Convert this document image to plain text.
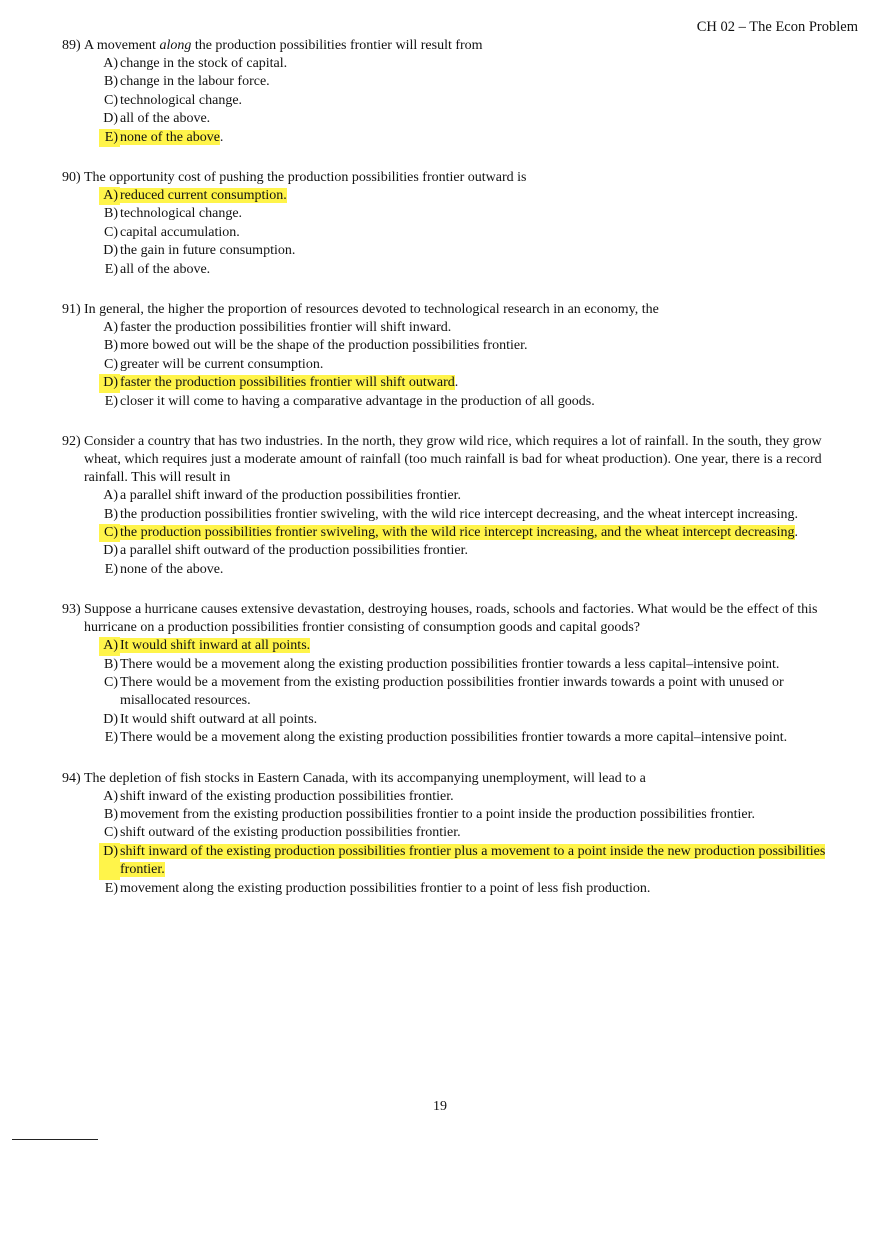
CH 02 – The Econ Problem
89) A movement along the production possibilities frontier will result from
A) change in the stock of capital.
B) change in the labour force.
C) technological change.
D) all of the above.
E) none of the above.
90) The opportunity cost of pushing the production possibilities frontier outward is
A) reduced current consumption.
B) technological change.
C) capital accumulation.
D) the gain in future consumption.
E) all of the above.
91) In general, the higher the proportion of resources devoted to technological research in an economy, the
A) faster the production possibilities frontier will shift inward.
B) more bowed out will be the shape of the production possibilities frontier.
C) greater will be current consumption.
D) faster the production possibilities frontier will shift outward.
E) closer it will come to having a comparative advantage in the production of all goods.
92) Consider a country that has two industries. In the north, they grow wild rice, which requires a lot of rainfall. In the south, they grow wheat, which requires just a moderate amount of rainfall (too much rainfall is bad for wheat production). One year, there is a record rainfall. This will result in
A) a parallel shift inward of the production possibilities frontier.
B) the production possibilities frontier swiveling, with the wild rice intercept decreasing, and the wheat intercept increasing.
C) the production possibilities frontier swiveling, with the wild rice intercept increasing, and the wheat intercept decreasing.
D) a parallel shift outward of the production possibilities frontier.
E) none of the above.
93) Suppose a hurricane causes extensive devastation, destroying houses, roads, schools and factories. What would be the effect of this hurricane on a production possibilities frontier consisting of consumption goods and capital goods?
A) It would shift inward at all points.
B) There would be a movement along the existing production possibilities frontier towards a less capital–intensive point.
C) There would be a movement from the existing production possibilities frontier inwards towards a point with unused or misallocated resources.
D) It would shift outward at all points.
E) There would be a movement along the existing production possibilities frontier towards a more capital–intensive point.
94) The depletion of fish stocks in Eastern Canada, with its accompanying unemployment, will lead to a
A) shift inward of the existing production possibilities frontier.
B) movement from the existing production possibilities frontier to a point inside the production possibilities frontier.
C) shift outward of the existing production possibilities frontier.
D) shift inward of the existing production possibilities frontier plus a movement to a point inside the new production possibilities frontier.
E) movement along the existing production possibilities frontier to a point of less fish production.
19
